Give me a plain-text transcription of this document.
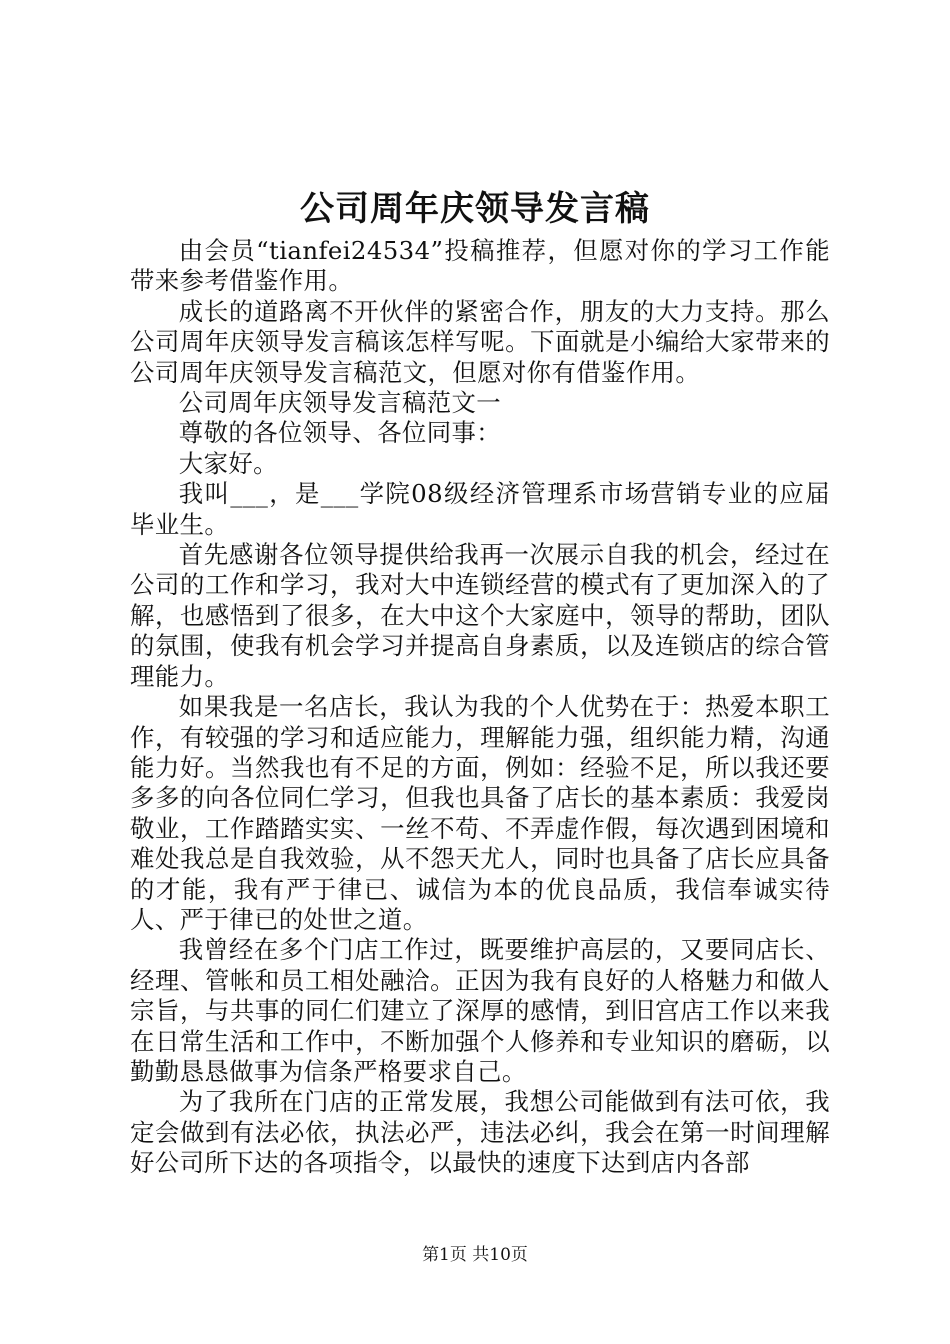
公司周年庆领导发言稿

由会员“tianfei24534”投稿推荐，但愿对你的学习工作能带来参考借鉴作用。

成长的道路离不开伙伴的紧密合作，朋友的大力支持。那么公司周年庆领导发言稿该怎样写呢。下面就是小编给大家带来的公司周年庆领导发言稿范文，但愿对你有借鉴作用。

公司周年庆领导发言稿范文一

尊敬的各位领导、各位同事：

大家好。

我叫___，是___学院08级经济管理系市场营销专业的应届毕业生。

首先感谢各位领导提供给我再一次展示自我的机会，经过在公司的工作和学习，我对大中连锁经营的模式有了更加深入的了解，也感悟到了很多，在大中这个大家庭中，领导的帮助，团队的氛围，使我有机会学习并提高自身素质，以及连锁店的综合管理能力。

如果我是一名店长，我认为我的个人优势在于：热爱本职工作，有较强的学习和适应能力，理解能力强，组织能力精，沟通能力好。当然我也有不足的方面，例如：经验不足，所以我还要多多的向各位同仁学习，但我也具备了店长的基本素质：我爱岗敬业，工作踏踏实实、一丝不苟、不弄虚作假，每次遇到困境和难处我总是自我效验，从不怨天尤人，同时也具备了店长应具备的才能，我有严于律已、诚信为本的优良品质，我信奉诚实待人、严于律已的处世之道。

我曾经在多个门店工作过，既要维护高层的，又要同店长、经理、管帐和员工相处融洽。正因为我有良好的人格魅力和做人宗旨，与共事的同仁们建立了深厚的感情，到旧宫店工作以来我在日常生活和工作中，不断加强个人修养和专业知识的磨砺，以勤勤恳恳做事为信条严格要求自己。

为了我所在门店的正常发展，我想公司能做到有法可依，我定会做到有法必依，执法必严，违法必纠，我会在第一时间理解好公司所下达的各项指令，以最快的速度下达到店内各部

第1页 共10页
